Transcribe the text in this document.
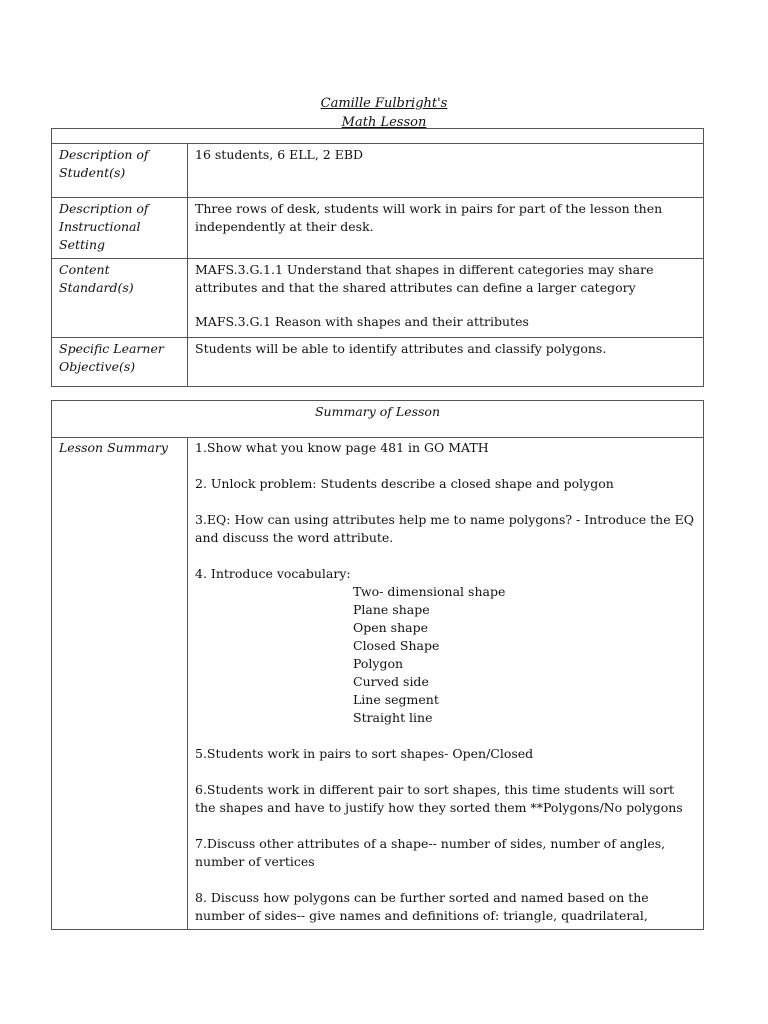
Camille Fulbright's
Math Lesson

Description of Student(s)	16 students, 6 ELL, 2 EBD
Description of Instructional Setting	Three rows of desk, students will work in pairs for part of the lesson then independently at their desk.
Content Standard(s)	MAFS.3.G.1.1 Understand that shapes in different categories may share attributes and that the shared attributes can define a larger category
MAFS.3.G.1 Reason with shapes and their attributes

Specific Learner Objective(s)	Students will be able to identify attributes and classify polygons.
Summary of Lesson
Lesson Summary	1.Show what you know page 481 in GO MATH

2. Unlock problem: Students describe a closed shape and polygon

3.EQ: How can using attributes help me to name polygons? - Introduce the EQ and discuss the word attribute.

4. Introduce vocabulary:

Two- dimensional shape
Plane shape
Open shape
Closed Shape
Polygon
Curved side
Line segment
Straight line

5.Students work in pairs to sort shapes- Open/Closed

6.Students work in different pair to sort shapes, this time students will sort the shapes and have to justify how they sorted them **Polygons/No polygons

7.Discuss other attributes of a shape-- number of sides, number of angles, number of vertices

8. Discuss how polygons can be further sorted and named based on the number of sides-- give names and definitions of: triangle, quadrilateral,
